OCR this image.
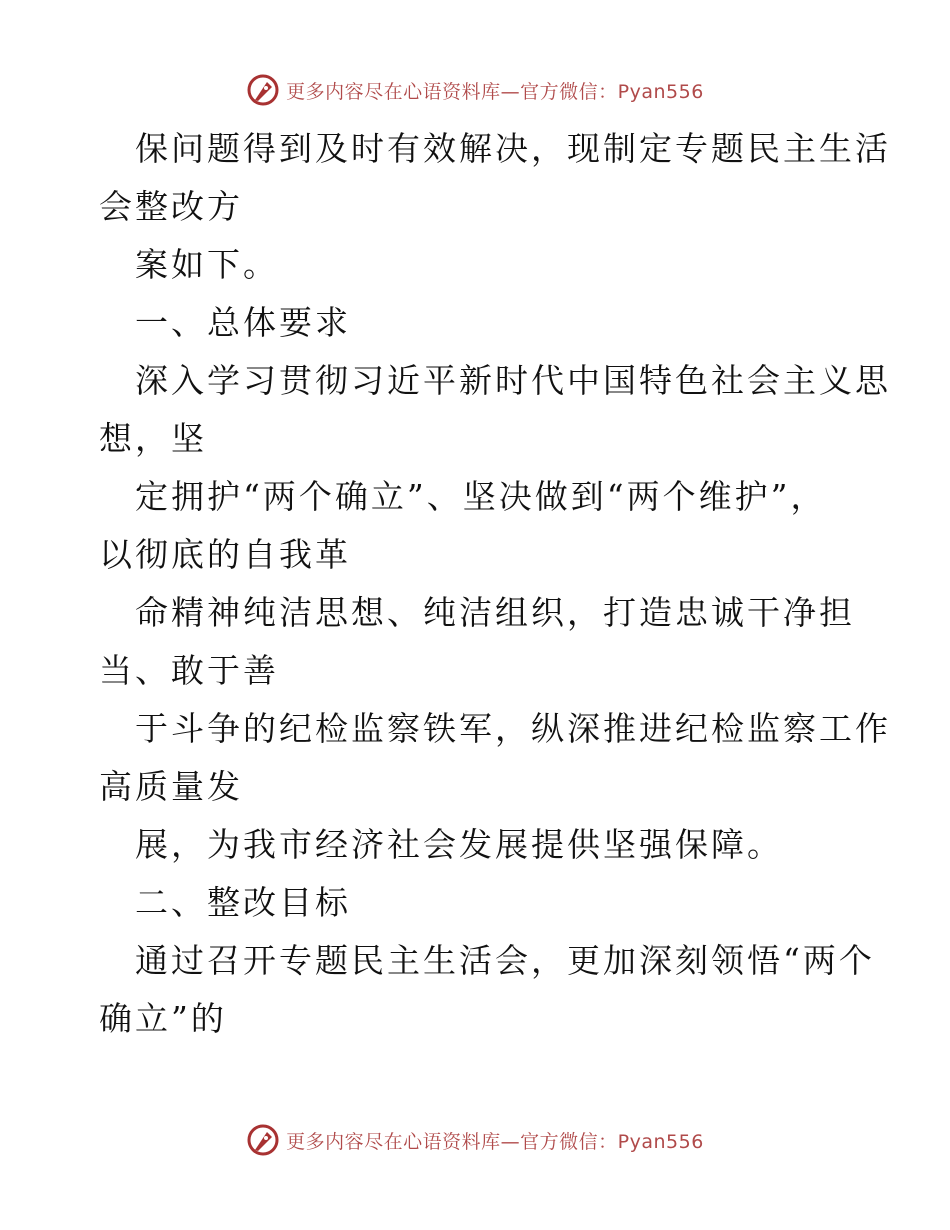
更多内容尽在心语资料库—官方微信：Pyan556
保问题得到及时有效解决，现制定专题民主生活
会整改方
案如下。
一、总体要求
深入学习贯彻习近平新时代中国特色社会主义思
想，坚
定拥护“两个确立”、坚决做到“两个维护”，
以彻底的自我革
命精神纯洁思想、纯洁组织，打造忠诚干净担
当、敢于善
于斗争的纪检监察铁军，纵深推进纪检监察工作
高质量发
展，为我市经济社会发展提供坚强保障。
二、整改目标
通过召开专题民主生活会，更加深刻领悟“两个
确立”的
更多内容尽在心语资料库—官方微信：Pyan556
